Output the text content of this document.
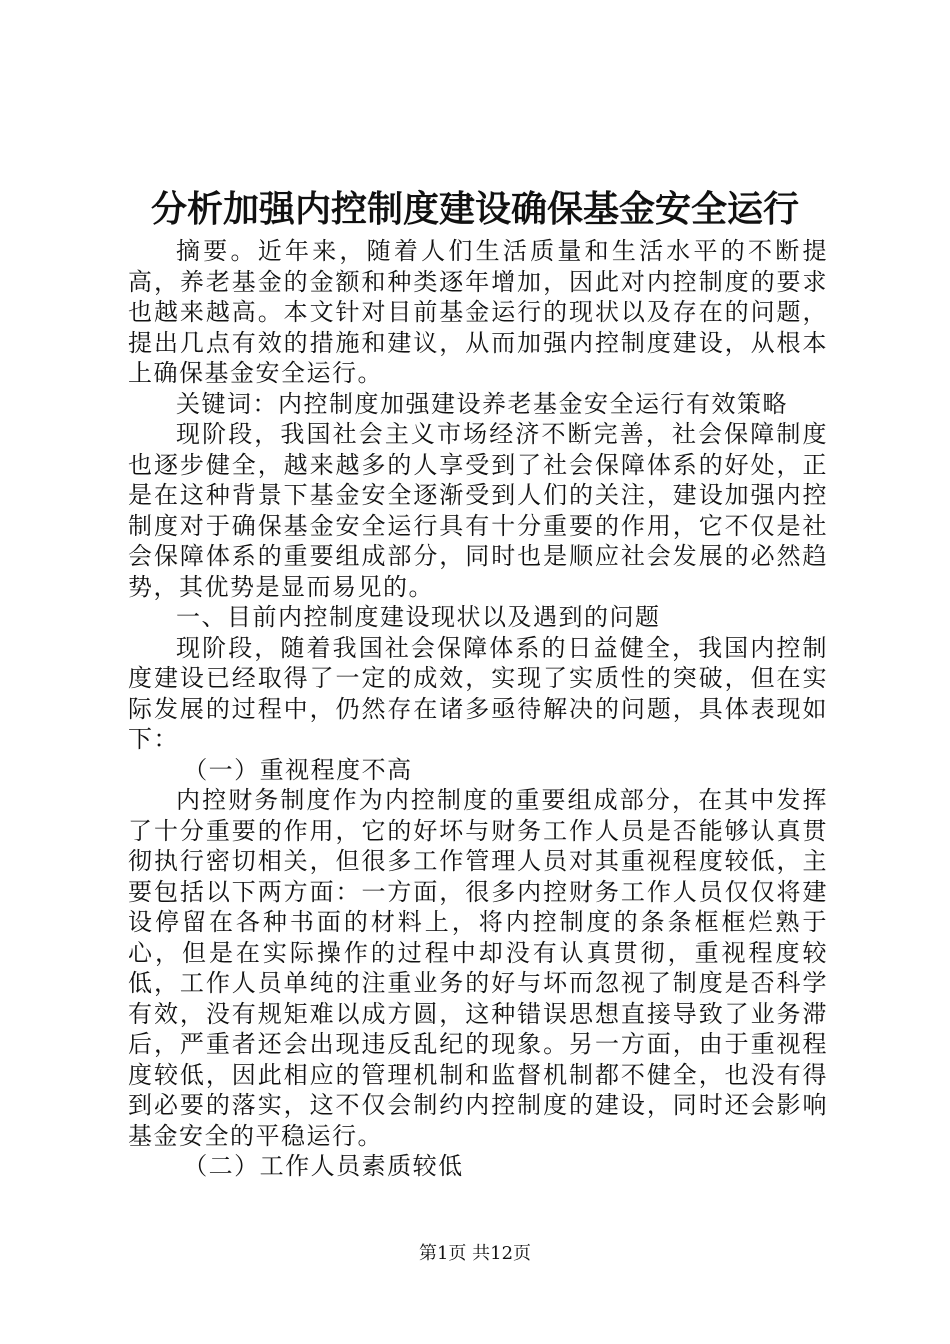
分析加强内控制度建设确保基金安全运行

摘要。近年来，随着人们生活质量和生活水平的不断提高，养老基金的金额和种类逐年增加，因此对内控制度的要求也越来越高。本文针对目前基金运行的现状以及存在的问题，提出几点有效的措施和建议，从而加强内控制度建设，从根本上确保基金安全运行。

关键词：内控制度加强建设养老基金安全运行有效策略

现阶段，我国社会主义市场经济不断完善，社会保障制度也逐步健全，越来越多的人享受到了社会保障体系的好处，正是在这种背景下基金安全逐渐受到人们的关注，建设加强内控制度对于确保基金安全运行具有十分重要的作用，它不仅是社会保障体系的重要组成部分，同时也是顺应社会发展的必然趋势，其优势是显而易见的。

一、目前内控制度建设现状以及遇到的问题

现阶段，随着我国社会保障体系的日益健全，我国内控制度建设已经取得了一定的成效，实现了实质性的突破，但在实际发展的过程中，仍然存在诸多亟待解决的问题，具体表现如下：

（一）重视程度不高

内控财务制度作为内控制度的重要组成部分，在其中发挥了十分重要的作用，它的好坏与财务工作人员是否能够认真贯彻执行密切相关，但很多工作管理人员对其重视程度较低，主要包括以下两方面：一方面，很多内控财务工作人员仅仅将建设停留在各种书面的材料上，将内控制度的条条框框烂熟于心，但是在实际操作的过程中却没有认真贯彻，重视程度较低，工作人员单纯的注重业务的好与坏而忽视了制度是否科学有效，没有规矩难以成方圆，这种错误思想直接导致了业务滞后，严重者还会出现违反乱纪的现象。另一方面，由于重视程度较低，因此相应的管理机制和监督机制都不健全，也没有得到必要的落实，这不仅会制约内控制度的建设，同时还会影响基金安全的平稳运行。

（二）工作人员素质较低

第1页 共12页
